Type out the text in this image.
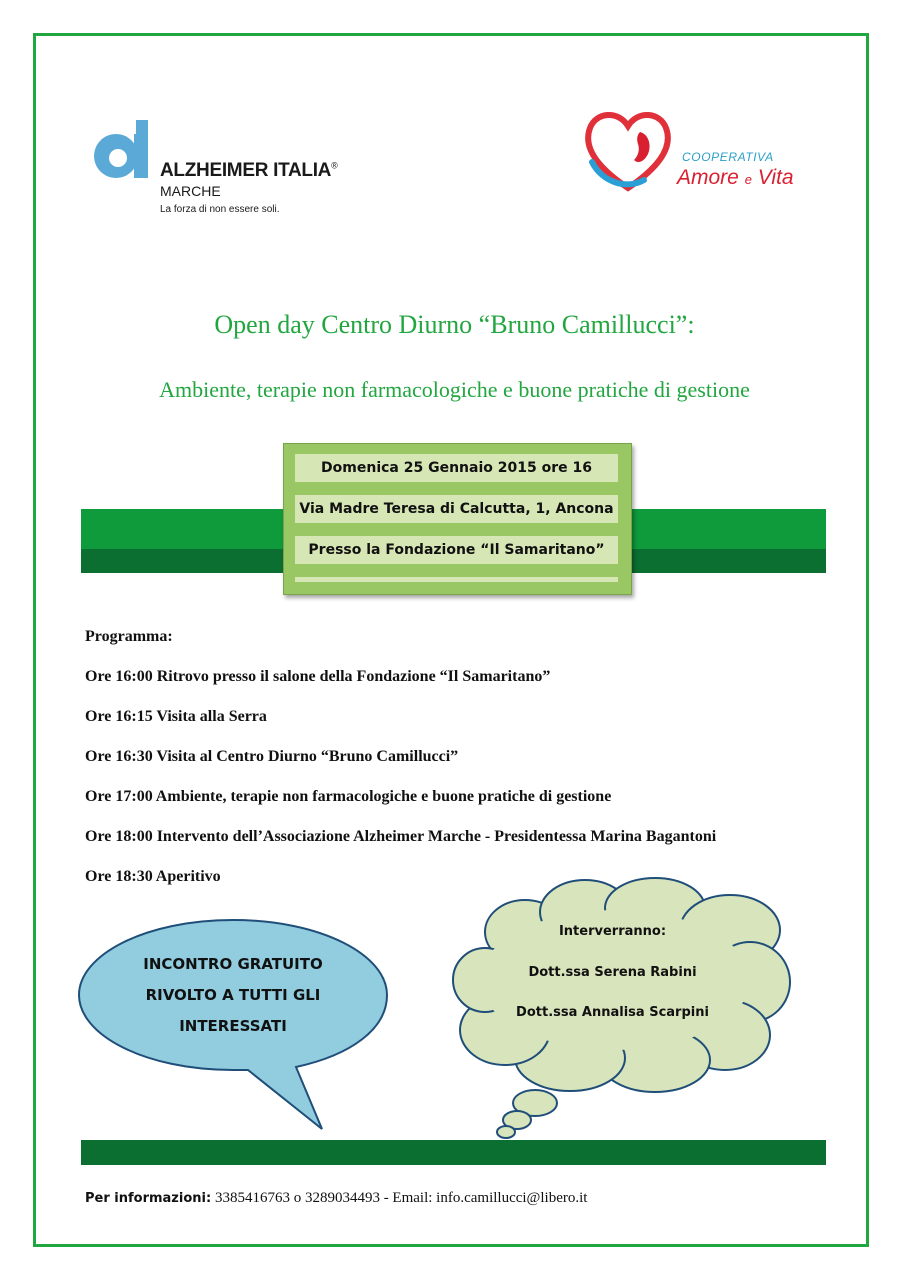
ALZHEIMER ITALIA®
MARCHE
La forza di non essere soli.
COOPERATIVA
Amore e Vita
Open day Centro Diurno “Bruno Camillucci”:
Ambiente, terapie non farmacologiche e buone pratiche di gestione
Domenica 25 Gennaio 2015 ore 16
Via Madre Teresa di Calcutta, 1, Ancona
Presso la Fondazione “Il Samaritano”
Programma:
Ore 16:00 Ritrovo presso il salone della Fondazione “Il Samaritano”
Ore 16:15 Visita alla Serra
Ore 16:30 Visita al Centro Diurno “Bruno Camillucci”
Ore 17:00 Ambiente, terapie non farmacologiche e buone pratiche di gestione
Ore 18:00 Intervento dell’Associazione Alzheimer Marche - Presidentessa Marina Bagantoni
Ore 18:30 Aperitivo
INCONTRO GRATUITO
RIVOLTO A TUTTI GLI
INTERESSATI
Interverranno:
Dott.ssa Serena Rabini
Dott.ssa Annalisa Scarpini
Per informazioni: 3385416763 o 3289034493 - Email: info.camillucci@libero.it
